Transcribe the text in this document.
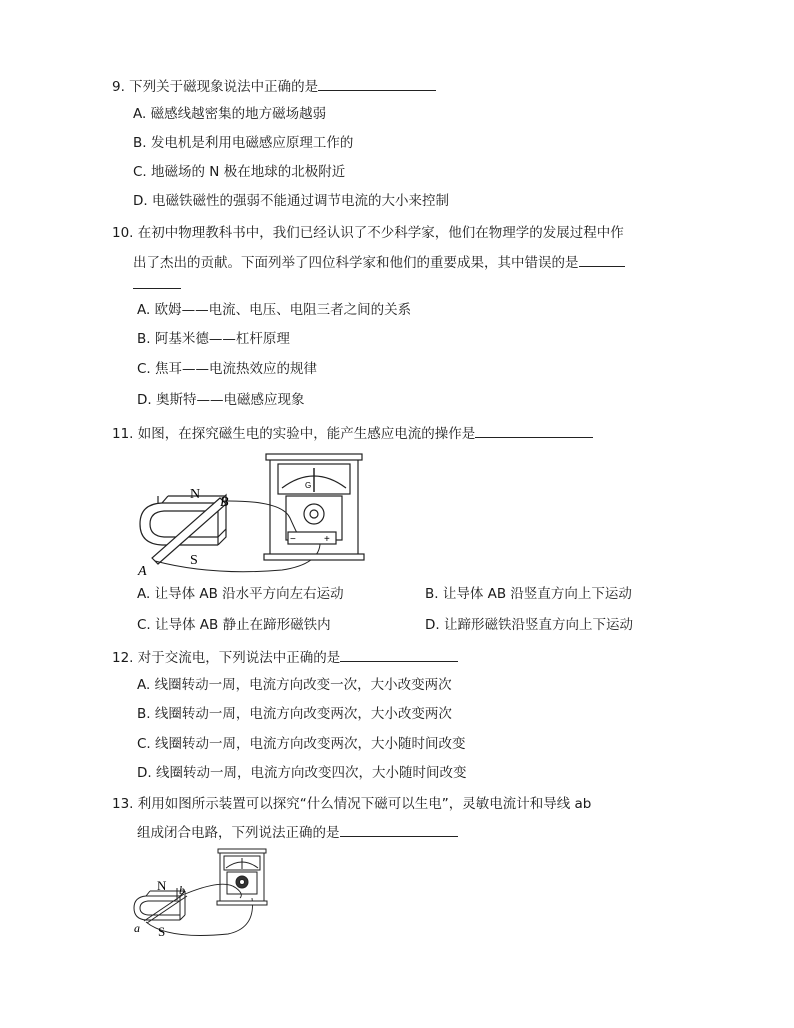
9. 下列关于磁现象说法中正确的是
A. 磁感线越密集的地方磁场越弱
B. 发电机是利用电磁感应原理工作的
C. 地磁场的 N 极在地球的北极附近
D. 电磁铁磁性的强弱不能通过调节电流的大小来控制
10. 在初中物理教科书中，我们已经认识了不少科学家，他们在物理学的发展过程中作
出了杰出的贡献。下面列举了四位科学家和他们的重要成果，其中错误的是
A. 欧姆——电流、电压、电阻三者之间的关系
B. 阿基米德——杠杆原理
C. 焦耳——电流热效应的规律
D. 奥斯特——电磁感应现象
11. 如图，在探究磁生电的实验中，能产生感应电流的操作是
N
S
B
A
G
−	+
A. 让导体 AB 沿水平方向左右运动	B. 让导体 AB 沿竖直方向上下运动
C. 让导体 AB 静止在蹄形磁铁内	D. 让蹄形磁铁沿竖直方向上下运动
12. 对于交流电，下列说法中正确的是
A. 线圈转动一周，电流方向改变一次，大小改变两次
B. 线圈转动一周，电流方向改变两次，大小改变两次
C. 线圈转动一周，电流方向改变两次，大小随时间改变
D. 线圈转动一周，电流方向改变四次，大小随时间改变
13. 利用如图所示装置可以探究“什么情况下磁可以生电”，灵敏电流计和导线 ab
组成闭合电路，下列说法正确的是
N b
S
a
